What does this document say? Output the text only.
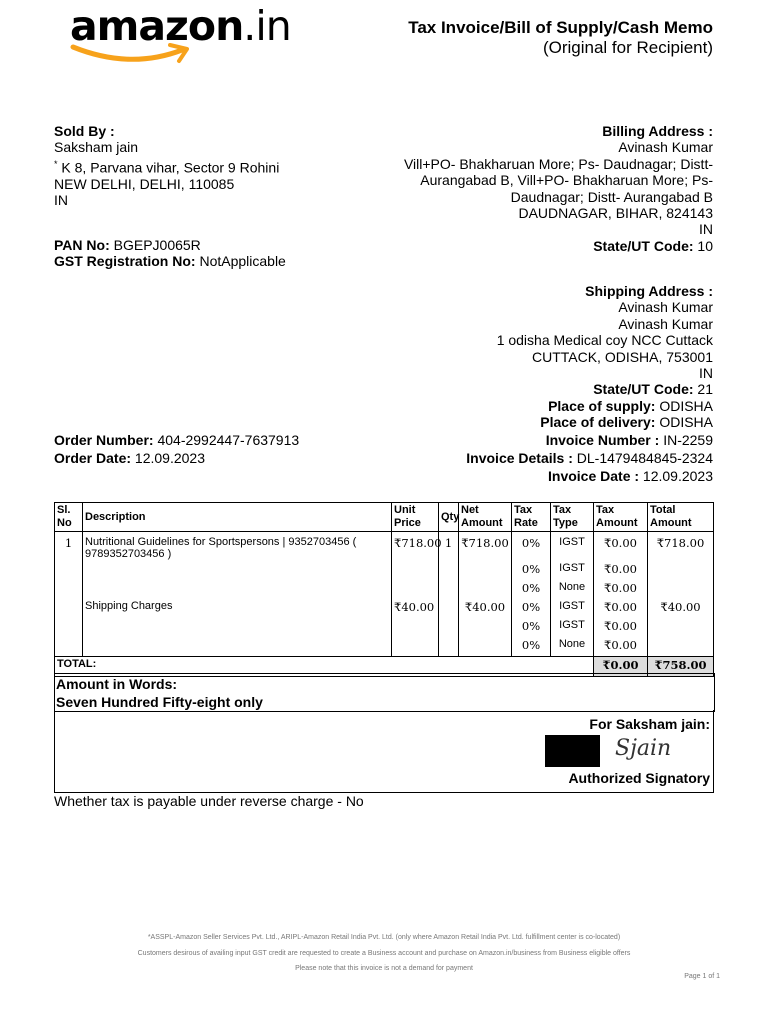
amazon.in	Tax Invoice/Bill of Supply/Cash Memo
(Original for Recipient)
Sold By :
Saksham jain
* K 8, Parvana vihar, Sector 9 Rohini
NEW DELHI, DELHI, 110085
IN
PAN No: BGEPJ0065R
GST Registration No: NotApplicable
Billing Address :
Avinash Kumar
Vill+PO- Bhakharuan More; Ps- Daudnagar; Distt-
Aurangabad B, Vill+PO- Bhakharuan More; Ps-
Daudnagar; Distt- Aurangabad B
DAUDNAGAR, BIHAR, 824143
IN
State/UT Code: 10
Shipping Address :
Avinash Kumar
Avinash Kumar
1 odisha Medical coy NCC Cuttack
CUTTACK, ODISHA, 753001
IN
State/UT Code: 21
Place of supply: ODISHA
Place of delivery: ODISHA
Order Number: 404-2992447-7637913
Order Date: 12.09.2023
Invoice Number : IN-2259
Invoice Details : DL-1479484845-2324
Invoice Date : 12.09.2023
Sl. No	Description	Unit Price	Qty	Net Amount	Tax Rate	Tax Type	Tax Amount	Total Amount
1	Nutritional Guidelines for Sportspersons | 9352703456 ( 9789352703456 )	₹718.00	1	₹718.00	0%	IGST	₹0.00	₹718.00
					0%	IGST	₹0.00	
					0%	None	₹0.00	
	Shipping Charges	₹40.00		₹40.00	0%	IGST	₹0.00	₹40.00
					0%	IGST	₹0.00	
					0%	None	₹0.00	
TOTAL:							₹0.00	₹758.00
Amount in Words:
Seven Hundred Fifty-eight only
For Saksham jain:
Sjain
Authorized Signatory
Whether tax is payable under reverse charge - No
*ASSPL-Amazon Seller Services Pvt. Ltd., ARIPL-Amazon Retail India Pvt. Ltd. (only where Amazon Retail India Pvt. Ltd. fulfillment center is co-located)
Customers desirous of availing input GST credit are requested to create a Business account and purchase on Amazon.in/business from Business eligible offers
Please note that this invoice is not a demand for payment
Page 1 of 1
